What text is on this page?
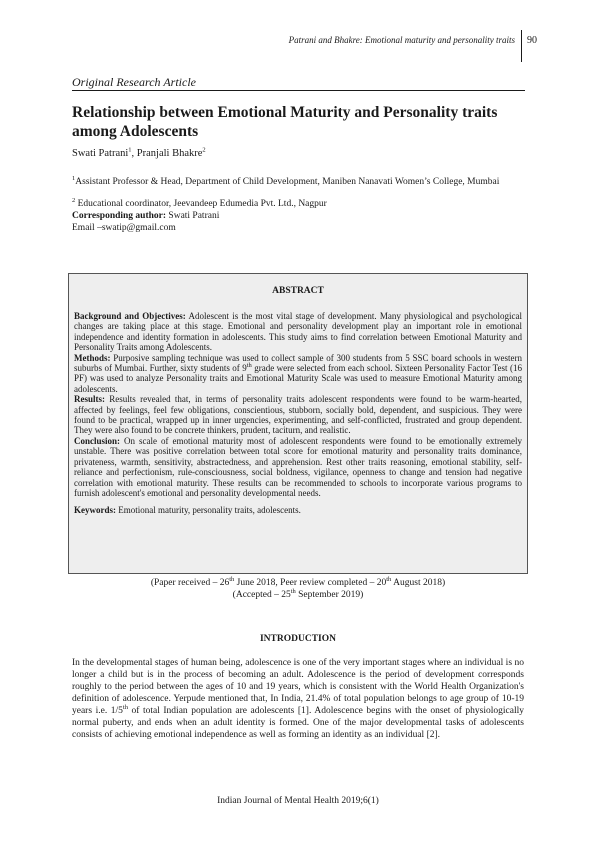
Patrani and Bhakre: Emotional maturity and personality traits 90
Original Research Article
Relationship between Emotional Maturity and Personality traits among Adolescents
Swati Patrani$^1$, Pranjali Bhakre$^2$
$^1$Assistant Professor & Head, Department of Child Development, Maniben Nanavati Women’s College, Mumbai
$^2$ Educational coordinator, Jeevandeep Edumedia Pvt. Ltd., Nagpur
Corresponding author: Swati Patrani
Email –swatip@gmail.com
ABSTRACT

Background and Objectives: Adolescent is the most vital stage of development. Many physiological and psychological changes are taking place at this stage. Emotional and personality development play an important role in emotional independence and identity formation in adolescents. This study aims to find correlation between Emotional Maturity and Personality Traits among Adolescents.

Methods: Purposive sampling technique was used to collect sample of 300 students from 5 SSC board schools in western suburbs of Mumbai. Further, sixty students of 9th grade were selected from each school. Sixteen Personality Factor Test (16 PF) was used to analyze Personality traits and Emotional Maturity Scale was used to measure Emotional Maturity among adolescents.

Results: Results revealed that, in terms of personality traits adolescent respondents were found to be warm-hearted, affected by feelings, feel few obligations, conscientious, stubborn, socially bold, dependent, and suspicious. They were found to be practical, wrapped up in inner urgencies, experimenting, and self-conflicted, frustrated and group dependent. They were also found to be concrete thinkers, prudent, taciturn, and realistic.

Conclusion: On scale of emotional maturity most of adolescent respondents were found to be emotionally extremely unstable. There was positive correlation between total score for emotional maturity and personality traits dominance, privateness, warmth, sensitivity, abstractedness, and apprehension. Rest other traits reasoning, emotional stability, self-reliance and perfectionism, rule-consciousness, social boldness, vigilance, openness to change and tension had negative correlation with emotional maturity. These results can be recommended to schools to incorporate various programs to furnish adolescent's emotional and personality developmental needs.

Keywords: Emotional maturity, personality traits, adolescents.

(Paper received – 26th June 2018, Peer review completed – 20th August 2018)
(Accepted – 25th September 2019)
INTRODUCTION

In the developmental stages of human being, adolescence is one of the very important stages where an individual is no longer a child but is in the process of becoming an adult. Adolescence is the period of development corresponds roughly to the period between the ages of 10 and 19 years, which is consistent with the World Health Organization's definition of adolescence. Yerpude mentioned that, In India, 21.4% of total population belongs to age group of 10-19 years i.e. 1/5th of total Indian population are adolescents [1]. Adolescence begins with the onset of physiologically normal puberty, and ends when an adult identity is formed. One of the major developmental tasks of adolescents consists of achieving emotional independence as well as forming an identity as an individual [2].

Indian Journal of Mental Health 2019;6(1)
